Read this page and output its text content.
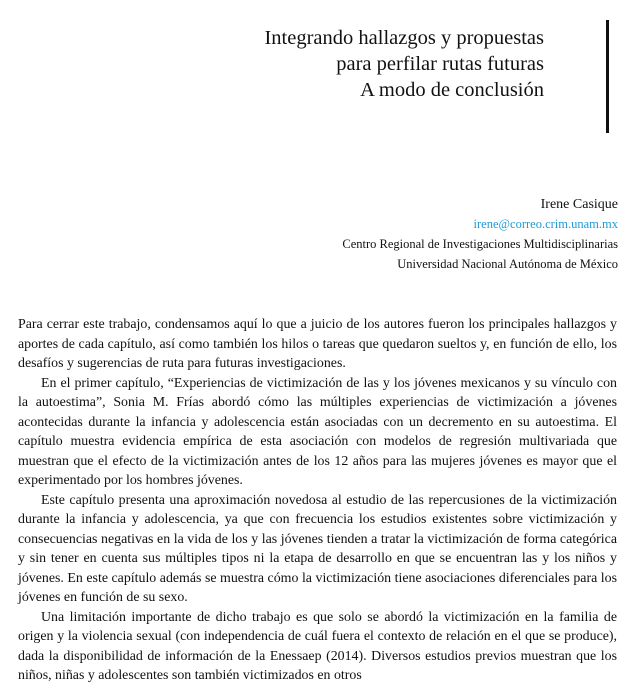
Integrando hallazgos y propuestas
para perfilar rutas futuras
A modo de conclusión
Irene Casique
irene@correo.crim.unam.mx
Centro Regional de Investigaciones Multidisciplinarias
Universidad Nacional Autónoma de México

Para cerrar este trabajo, condensamos aquí lo que a juicio de los autores fueron los principales hallazgos y aportes de cada capítulo, así como también los hilos o tareas que quedaron sueltos y, en función de ello, los desafíos y sugerencias de ruta para futuras investigaciones.

En el primer capítulo, “Experiencias de victimización de las y los jóvenes mexicanos y su vínculo con la autoestima”, Sonia M. Frías abordó cómo las múltiples experiencias de victimización a jóvenes acontecidas durante la infancia y adolescencia están asociadas con un decremento en su autoestima. El capítulo muestra evidencia empírica de esta asociación con modelos de regresión multivariada que muestran que el efecto de la victimización antes de los 12 años para las mujeres jóvenes es mayor que el experimentado por los hombres jóvenes.

Este capítulo presenta una aproximación novedosa al estudio de las repercusiones de la victimización durante la infancia y adolescencia, ya que con frecuencia los estudios existentes sobre victimización y consecuencias negativas en la vida de los y las jóvenes tienden a tratar la victimización de forma categórica y sin tener en cuenta sus múltiples tipos ni la etapa de desarrollo en que se encuentran las y los niños y jóvenes. En este capítulo además se muestra cómo la victimización tiene asociaciones diferenciales para los jóvenes en función de su sexo.

Una limitación importante de dicho trabajo es que solo se abordó la victimización en la familia de origen y la violencia sexual (con independencia de cuál fuera el contexto de relación en el que se produce), dada la disponibilidad de información de la Enessaep (2014). Diversos estudios previos muestran que los niños, niñas y adolescentes son también victimizados en otros
